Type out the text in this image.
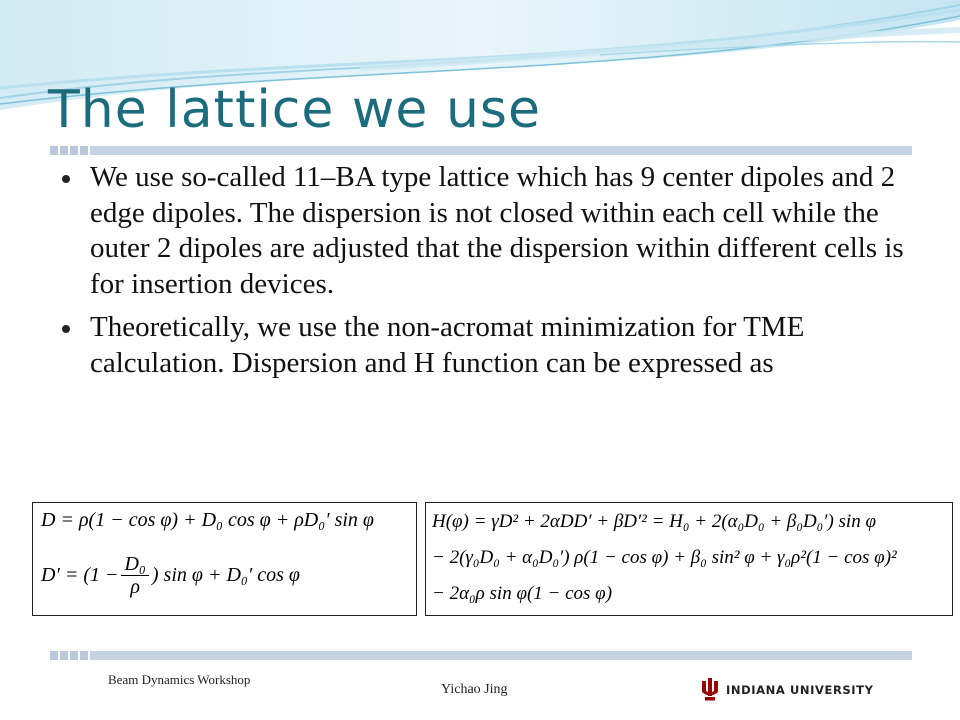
The lattice we use
We use so-called 11–BA type lattice which has 9 center dipoles and 2 edge dipoles. The dispersion is not closed within each cell while the outer 2 dipoles are adjusted that the dispersion within different cells is for insertion devices.
Theoretically, we use the non-acromat minimization for TME calculation. Dispersion and H function can be expressed as
D = ρ(1 − cos φ) + D₀ cos φ + ρD₀′ sin φ
$D' = (1 - \frac{\text{D₀}}{\rho}$ ) sin φ + D₀′ cos φ
H(φ) = γD² + 2αDD′ + βD′² = H₀ + 2(α₀D₀ + β₀D₀′) sin φ
− 2(γ₀D₀ + α₀D₀′) ρ(1 − cos φ) + β₀ sin² φ + γ₀ρ²(1 − cos φ)²
− 2α₀ρ sin φ(1 − cos φ)
Beam Dynamics Workshop
Yichao Jing	INDIANA UNIVERSITY
